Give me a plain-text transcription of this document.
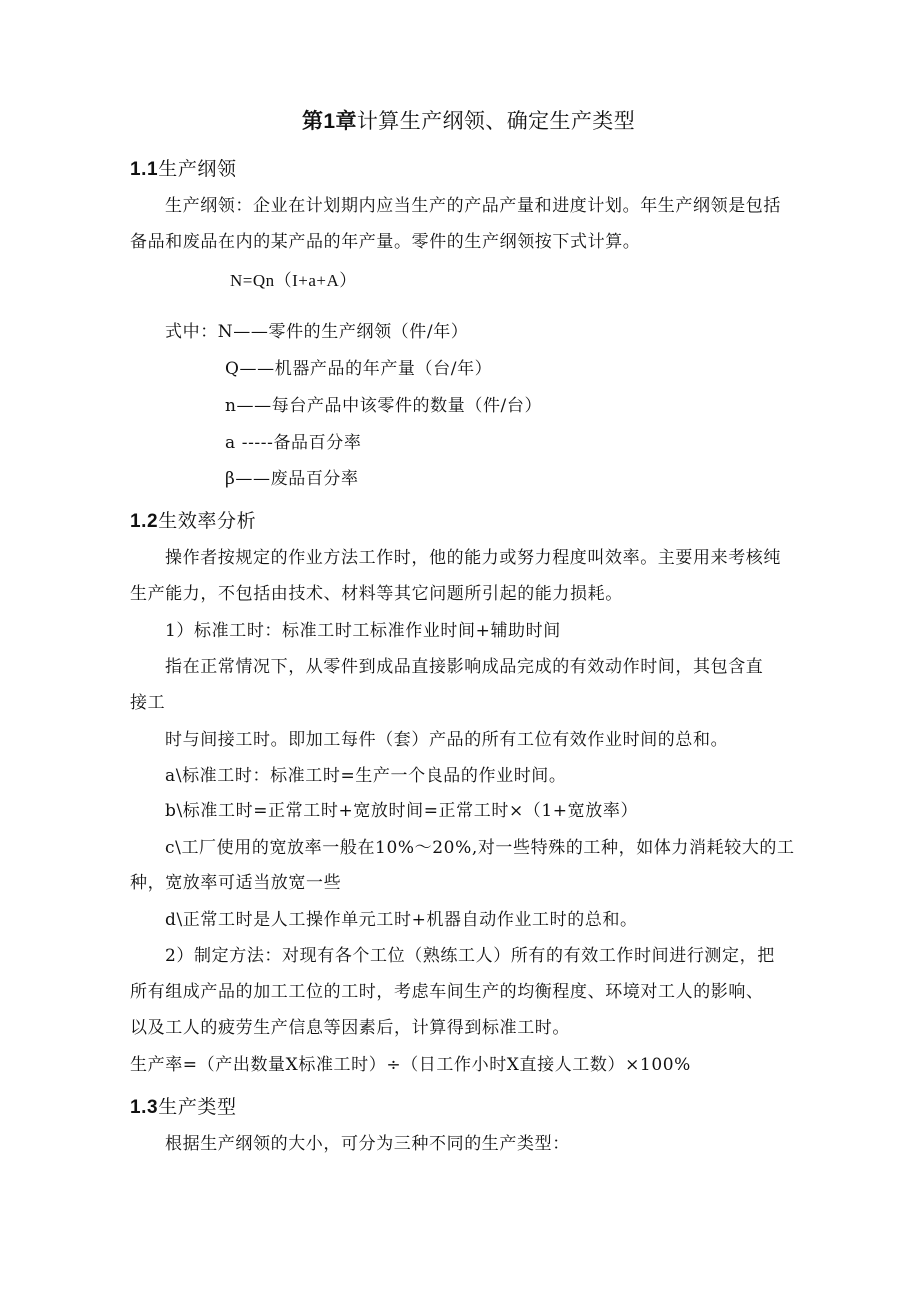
第1章计算生产纲领、确定生产类型
1.1生产纲领
生产纲领：企业在计划期内应当生产的产品产量和进度计划。年生产纲领是包括
备品和废品在内的某产品的年产量。零件的生产纲领按下式计算。
N=Qn（I+a+A）
式中：N——零件的生产纲领（件/年）
Q——机器产品的年产量（台/年）
n——每台产品中该零件的数量（件/台）
a -----备品百分率
β——废品百分率
1.2生效率分析
操作者按规定的作业方法工作时，他的能力或努力程度叫效率。主要用来考核纯
生产能力，不包括由技术、材料等其它问题所引起的能力损耗。
1）标准工时：标准工时工标准作业时间+辅助时间
指在正常情况下，从零件到成品直接影响成品完成的有效动作时间，其包含直
接工
时与间接工时。即加工每件（套）产品的所有工位有效作业时间的总和。
a\标准工时：标准工时=生产一个良品的作业时间。
b\标准工时=正常工时+宽放时间=正常工时×（1+宽放率）
c\工厂使用的宽放率一般在10%～20%,对一些特殊的工种，如体力消耗较大的工
种，宽放率可适当放宽一些
d\正常工时是人工操作单元工时+机器自动作业工时的总和。
2）制定方法：对现有各个工位（熟练工人）所有的有效工作时间进行测定，把
所有组成产品的加工工位的工时，考虑车间生产的均衡程度、环境对工人的影响、
以及工人的疲劳生产信息等因素后，计算得到标准工时。
生产率=（产出数量X标准工时）÷（日工作小时X直接人工数）×100%
1.3生产类型
根据生产纲领的大小，可分为三种不同的生产类型：
